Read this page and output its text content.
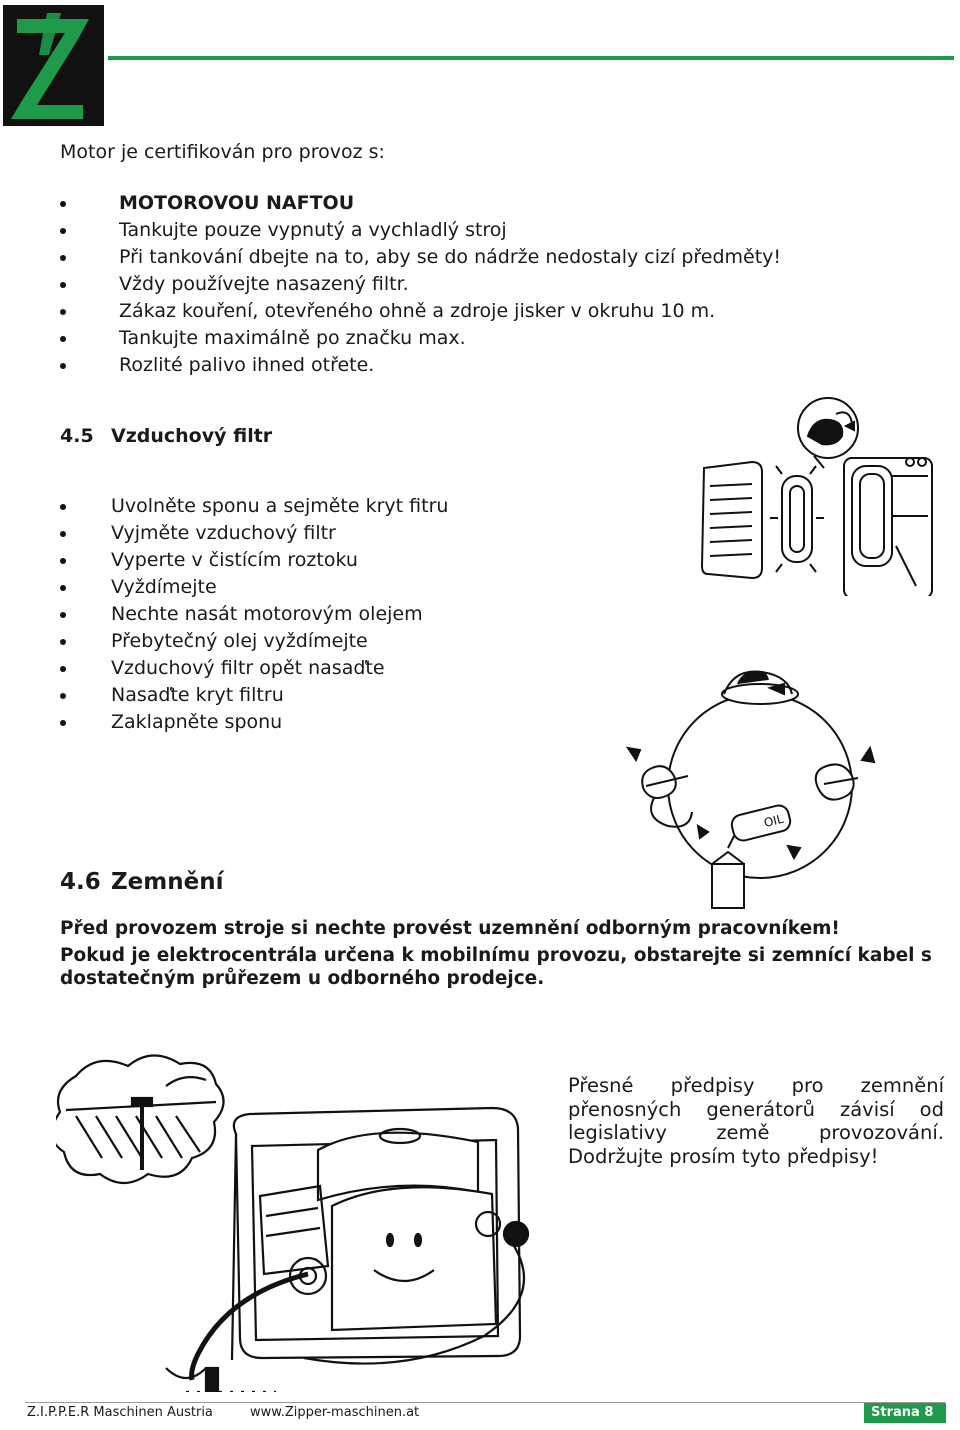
Motor je certifikován pro provoz s:
MOTOROVOU NAFTOU
Tankujte pouze vypnutý a vychladlý stroj
Při tankování dbejte na to, aby se do nádrže nedostaly cizí předměty!
Vždy používejte nasazený filtr.
Zákaz kouření, otevřeného ohně a zdroje jisker v okruhu 10 m.
Tankujte maximálně po značku max.
Rozlité palivo ihned otřete.
4.5 Vzduchový filtr
Uvolněte sponu a sejměte kryt fitru
Vyjměte vzduchový filtr
Vyperte v čistícím roztoku
Vyždímejte
Nechte nasát motorovým olejem
Přebytečný olej vyždímejte
Vzduchový filtr opět nasaďte
Nasaďte kryt filtru
Zaklapněte sponu
OIL
4.6 Zemnění

Před provozem stroje si nechte provést uzemnění odborným pracovníkem!

Pokud je elektrocentrála určena k mobilnímu provozu, obstarejte si zemnící kabel s dostatečným průřezem u odborného prodejce.

Přesné předpisy pro zemnění přenosných generátorů závisí od legislativy země provozování. Dodržujte prosím tyto předpisy!
Z.I.P.P.E.R Maschinen Austria	www.Zipper-maschinen.at	Strana 8
